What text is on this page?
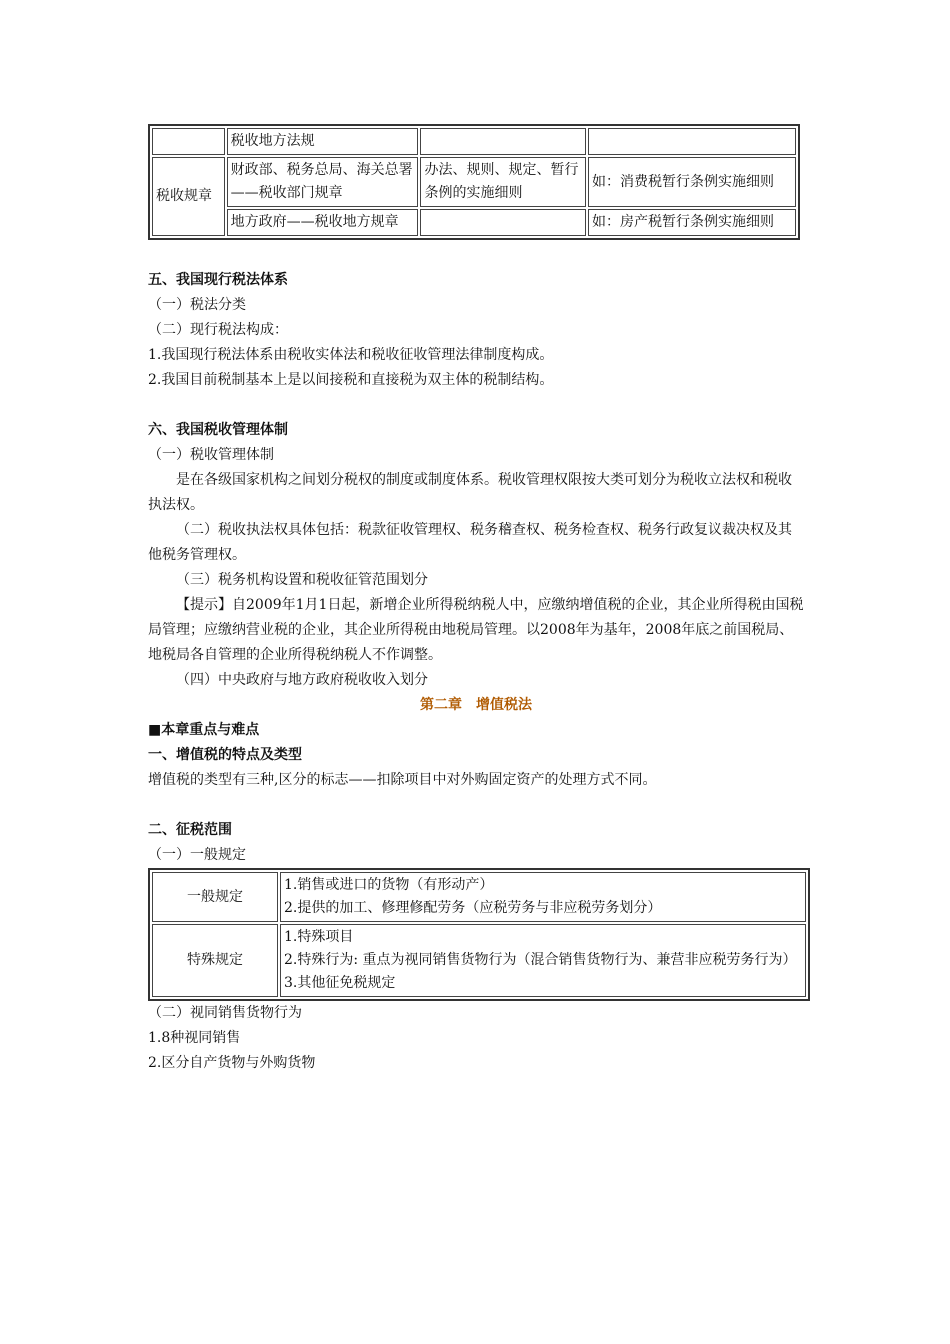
	税收地方法规		
税收规章	财政部、税务总局、海关总署——税收部门规章	办法、规则、规定、暂行条例的实施细则	如：消费税暂行条例实施细则
	地方政府——税收地方规章		如：房产税暂行条例实施细则
五、我国现行税法体系
（一）税法分类
（二）现行税法构成：
1.我国现行税法体系由税收实体法和税收征收管理法律制度构成。
2.我国目前税制基本上是以间接税和直接税为双主体的税制结构。
六、我国税收管理体制
（一）税收管理体制
是在各级国家机构之间划分税权的制度或制度体系。税收管理权限按大类可划分为税收立法权和税收执法权。
（二）税收执法权具体包括：税款征收管理权、税务稽查权、税务检查权、税务行政复议裁决权及其他税务管理权。
（三）税务机构设置和税收征管范围划分
【提示】自2009年1月1日起，新增企业所得税纳税人中，应缴纳增值税的企业，其企业所得税由国税局管理；应缴纳营业税的企业，其企业所得税由地税局管理。以2008年为基年，2008年底之前国税局、地税局各自管理的企业所得税纳税人不作调整。
（四）中央政府与地方政府税收收入划分
第二章　增值税法
■本章重点与难点
一、增值税的特点及类型
增值税的类型有三种,区分的标志——扣除项目中对外购固定资产的处理方式不同。
二、征税范围
（一）一般规定
一般规定	1.销售或进口的货物（有形动产）
2.提供的加工、修理修配劳务（应税劳务与非应税劳务划分）

特殊规定	1.特殊项目
2.特殊行为: 重点为视同销售货物行为（混合销售货物行为、兼营非应税劳务行为）
3.其他征免税规定
（二）视同销售货物行为
1.8种视同销售
2.区分自产货物与外购货物
